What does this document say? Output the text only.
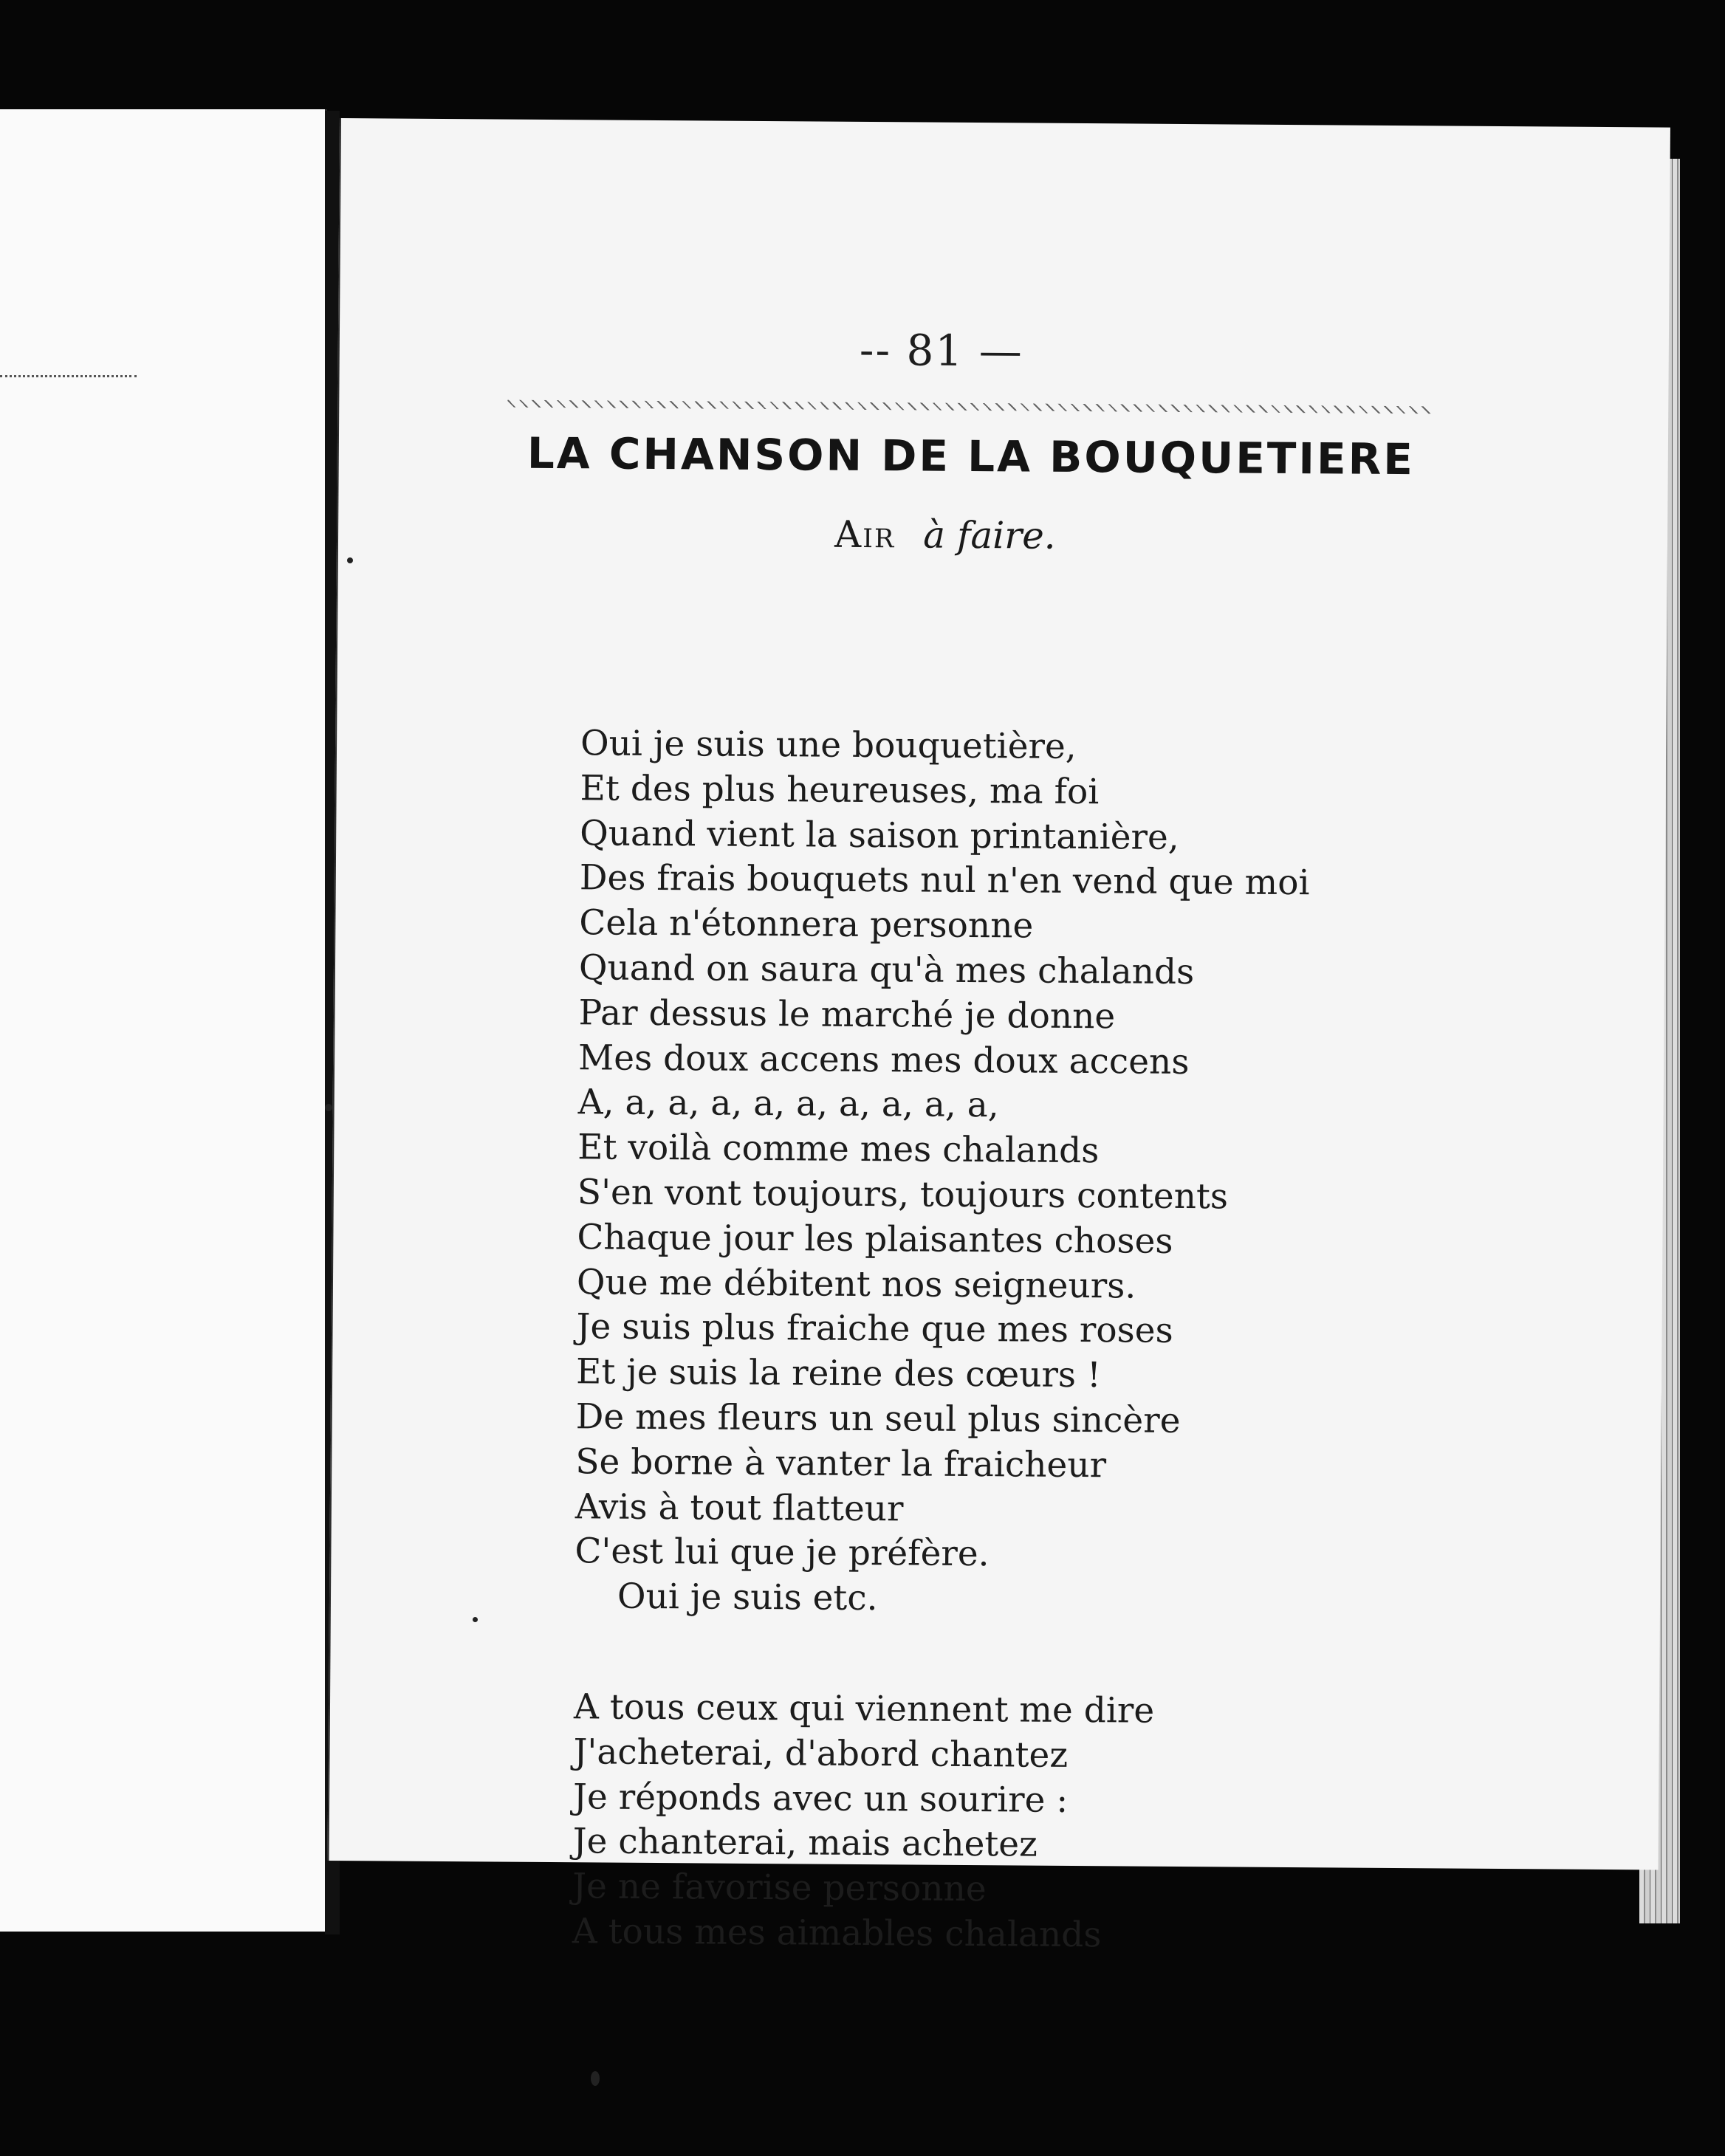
-- 81 —
LA CHANSON DE LA BOUQUETIERE
Air à faire.
Oui je suis une bouquetière,
Et des plus heureuses, ma foi
Quand vient la saison printanière,
Des frais bouquets nul n'en vend que moi
Cela n'étonnera personne
Quand on saura qu'à mes chalands
Par dessus le marché je donne
Mes doux accens mes doux accens
A, a, a, a, a, a, a, a, a, a,
Et voilà comme mes chalands
S'en vont toujours, toujours contents
Chaque jour les plaisantes choses
Que me débitent nos seigneurs.
Je suis plus fraiche que mes roses
Et je suis la reine des cœurs !
De mes fleurs un seul plus sincère
Se borne à vanter la fraicheur
Avis à tout flatteur
C'est lui que je préfère.
Oui je suis etc.
A tous ceux qui viennent me dire
J'acheterai, d'abord chantez
Je réponds avec un sourire :
Je chanterai, mais achetez
Je ne favorise personne
A tous mes aimables chalands
